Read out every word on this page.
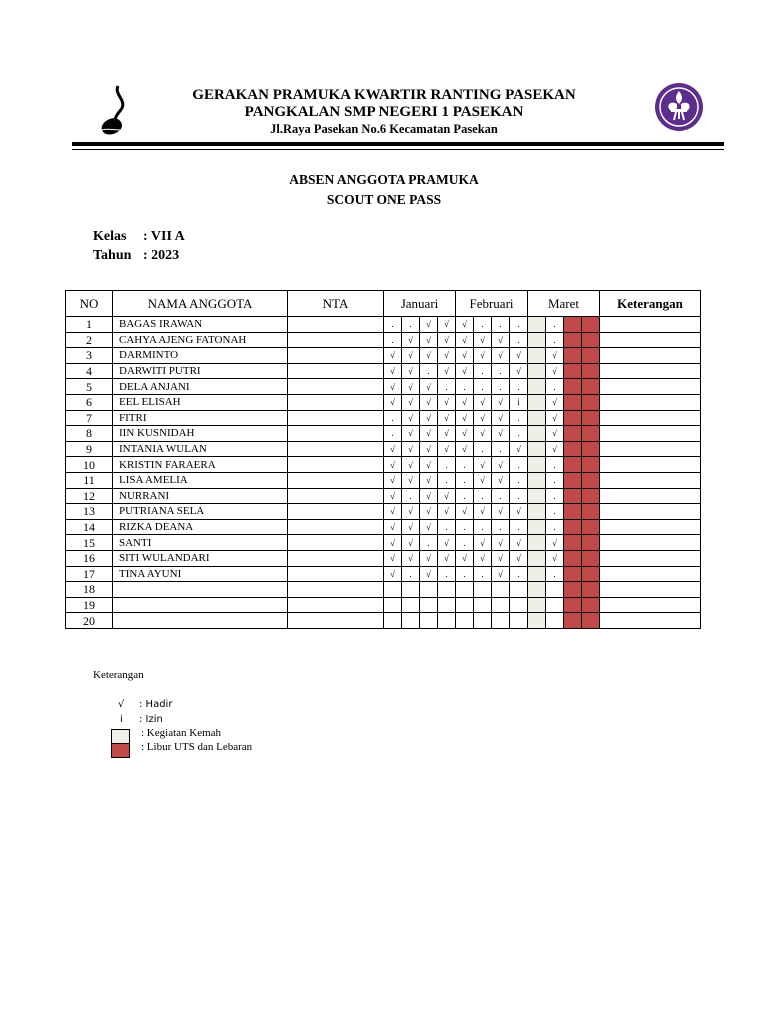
GERAKAN PRAMUKA KWARTIR RANTING PASEKAN
PANGKALAN SMP NEGERI 1 PASEKAN
Jl.Raya Pasekan No.6 Kecamatan Pasekan
ABSEN ANGGOTA PRAMUKA
SCOUT ONE PASS
Kelas : VII A
Tahun : 2023
NO	NAMA ANGGOTA	NTA	Januari				Februari				Maret				Keterangan
1	BAGAS IRAWAN		.	.	√	√	√	.	.	.		.			
2	CAHYA AJENG FATONAH		.	√	√	√	√	√	√	.		.			
3	DARMINTO		√	√	√	√	√	√	√	√		√			
4	DARWITI PUTRI		√	√	.	√	√	.	.	√		√			
5	DELA ANJANI		√	√	√	.	.	.	.	.		.			
6	EEL ELISAH		√	√	√	√	√	√	√	i		√			
7	FITRI		.	√	√	√	√	√	√	.		√			
8	IIN KUSNIDAH		.	√	√	√	√	√	√	.		√			
9	INTANIA WULAN		√	√	√	√	√	.	.	√		√			
10	KRISTIN FARAERA		√	√	√	.	.	√	√	.		.			
11	LISA AMELIA		√	√	√	.	.	√	√	.		.			
12	NURRANI		√	.	√	√	.	.	.	.		.			
13	PUTRIANA SELA		√	√	√	√	√	√	√	√		.			
14	RIZKA DEANA		√	√	√	.	.	.	.	.		.			
15	SANTI		√	√	.	√	.	√	√	√		√			
16	SITI WULANDARI		√	√	√	√	√	√	√	√		√			
17	TINA AYUNI		√	.	√	.	.	.	√	.		.			
18															
19															
20															
Keterangan
√ : Hadir
i : Izin
: Kegiatan Kemah
: Libur UTS dan Lebaran
